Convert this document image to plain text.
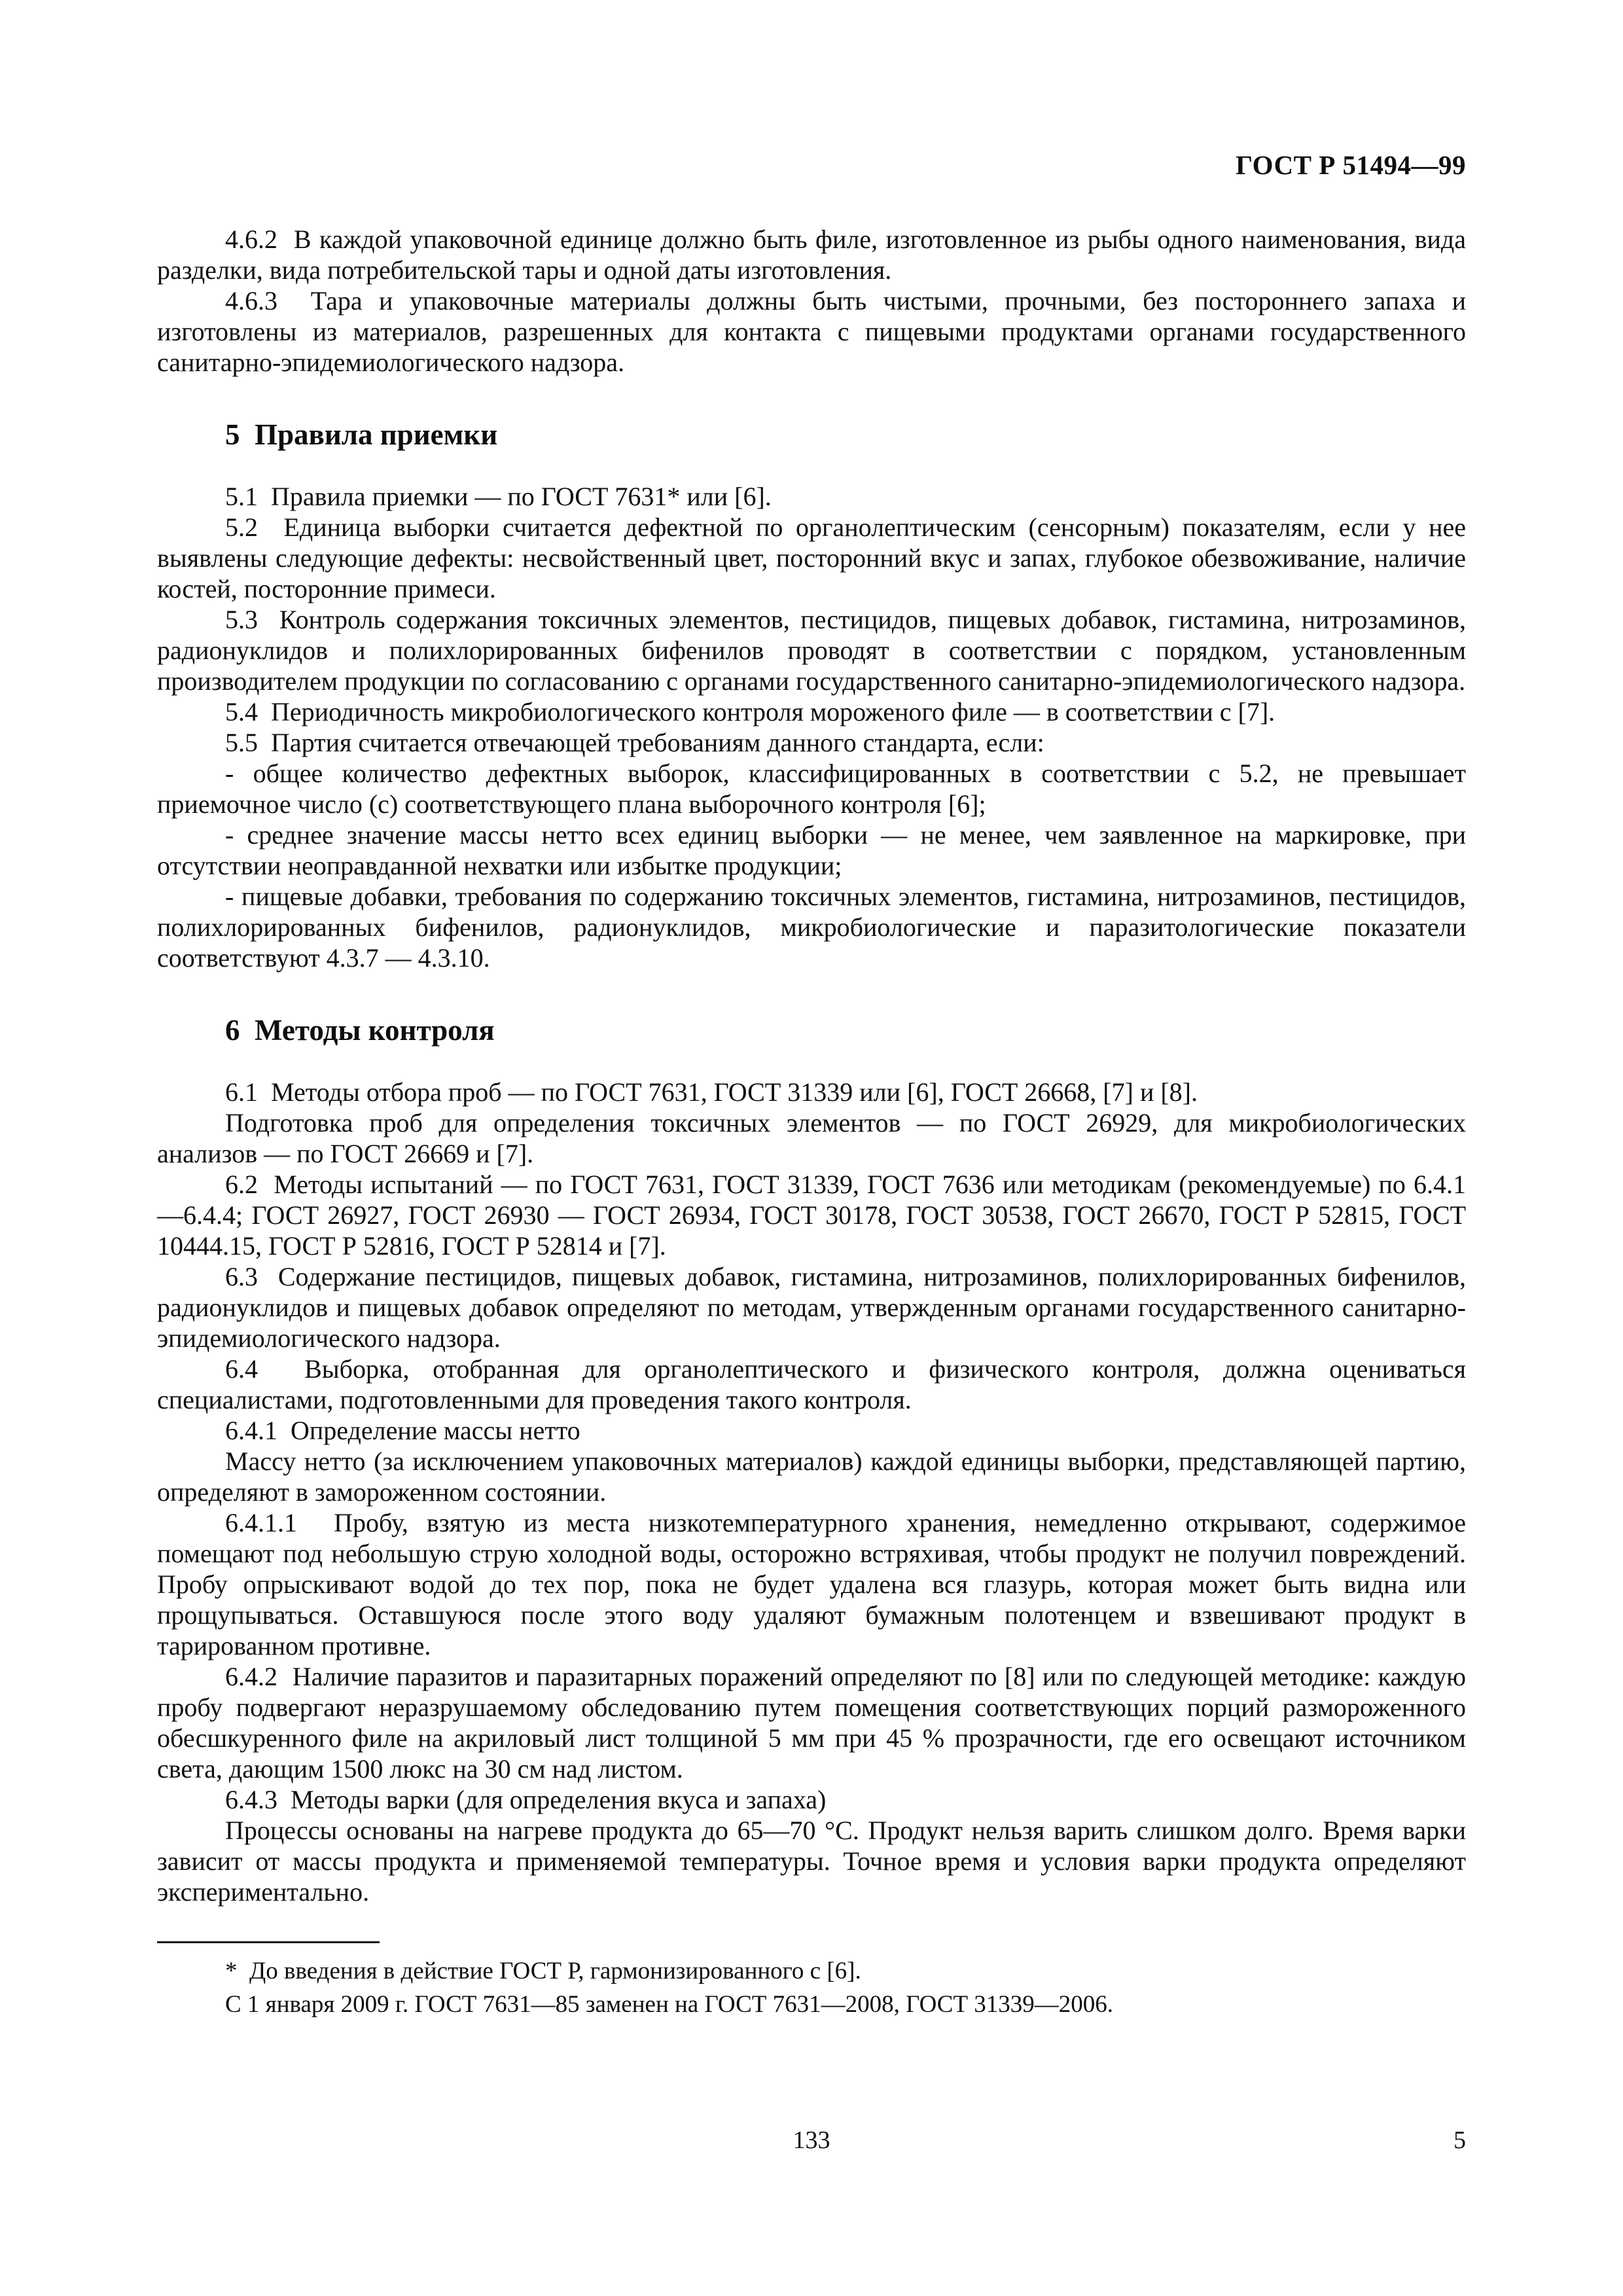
ГОСТ Р 51494—99

4.6.2  В каждой упаковочной единице должно быть филе, изготовленное из рыбы одного наименования, вида разделки, вида потребительской тары и одной даты изготовления.

4.6.3  Тара и упаковочные материалы должны быть чистыми, прочными, без постороннего запаха и изготовлены из материалов, разрешенных для контакта с пищевыми продуктами органами государственного санитарно-эпидемиологического надзора.

5  Правила приемки

5.1  Правила приемки — по ГОСТ 7631* или [6].

5.2  Единица выборки считается дефектной по органолептическим (сенсорным) показателям, если у нее выявлены следующие дефекты: несвойственный цвет, посторонний вкус и запах, глубокое обезвоживание, наличие костей, посторонние примеси.

5.3  Контроль содержания токсичных элементов, пестицидов, пищевых добавок, гистамина, нитрозаминов, радионуклидов и полихлорированных бифенилов проводят в соответствии с порядком, установленным производителем продукции по согласованию с органами государственного санитарно-эпидемиологического надзора.

5.4  Периодичность микробиологического контроля мороженого филе — в соответствии с [7].

5.5  Партия считается отвечающей требованиям данного стандарта, если:

- общее количество дефектных выборок, классифицированных в соответствии с 5.2, не превышает приемочное число (с) соответствующего плана выборочного контроля [6];

- среднее значение массы нетто всех единиц выборки — не менее, чем заявленное на маркировке, при отсутствии неоправданной нехватки или избытке продукции;

- пищевые добавки, требования по содержанию токсичных элементов, гистамина, нитрозаминов, пестицидов, полихлорированных бифенилов, радионуклидов, микробиологические и паразитологические показатели соответствуют 4.3.7 — 4.3.10.

6  Методы контроля

6.1  Методы отбора проб — по ГОСТ 7631, ГОСТ 31339 или [6], ГОСТ 26668, [7] и [8].

Подготовка проб для определения токсичных элементов — по ГОСТ 26929, для микробиологических анализов — по ГОСТ 26669 и [7].

6.2  Методы испытаний — по ГОСТ 7631, ГОСТ 31339, ГОСТ 7636 или методикам (рекомендуемые) по 6.4.1—6.4.4; ГОСТ 26927, ГОСТ 26930 — ГОСТ 26934, ГОСТ 30178, ГОСТ 30538, ГОСТ 26670, ГОСТ Р 52815, ГОСТ 10444.15, ГОСТ Р 52816, ГОСТ Р 52814 и [7].

6.3  Содержание пестицидов, пищевых добавок, гистамина, нитрозаминов, полихлорированных бифенилов, радионуклидов и пищевых добавок определяют по методам, утвержденным органами государственного санитарно-эпидемиологического надзора.

6.4  Выборка, отобранная для органолептического и физического контроля, должна оцениваться специалистами, подготовленными для проведения такого контроля.

6.4.1  Определение массы нетто

Массу нетто (за исключением упаковочных материалов) каждой единицы выборки, представляющей партию, определяют в замороженном состоянии.

6.4.1.1  Пробу, взятую из места низкотемпературного хранения, немедленно открывают, содержимое помещают под небольшую струю холодной воды, осторожно встряхивая, чтобы продукт не получил повреждений. Пробу опрыскивают водой до тех пор, пока не будет удалена вся глазурь, которая может быть видна или прощупываться. Оставшуюся после этого воду удаляют бумажным полотенцем и взвешивают продукт в тарированном противне.

6.4.2  Наличие паразитов и паразитарных поражений определяют по [8] или по следующей методике: каждую пробу подвергают неразрушаемому обследованию путем помещения соответствующих порций размороженного обесшкуренного филе на акриловый лист толщиной 5 мм при 45 % прозрачности, где его освещают источником света, дающим 1500 люкс на 30 см над листом.

6.4.3  Методы варки (для определения вкуса и запаха)

Процессы основаны на нагреве продукта до 65—70 °С. Продукт нельзя варить слишком долго. Время варки зависит от массы продукта и применяемой температуры. Точное время и условия варки продукта определяют экспериментально.

*  До введения в действие ГОСТ Р, гармонизированного с [6].

С 1 января 2009 г. ГОСТ 7631—85 заменен на ГОСТ 7631—2008, ГОСТ 31339—2006.

133	5
